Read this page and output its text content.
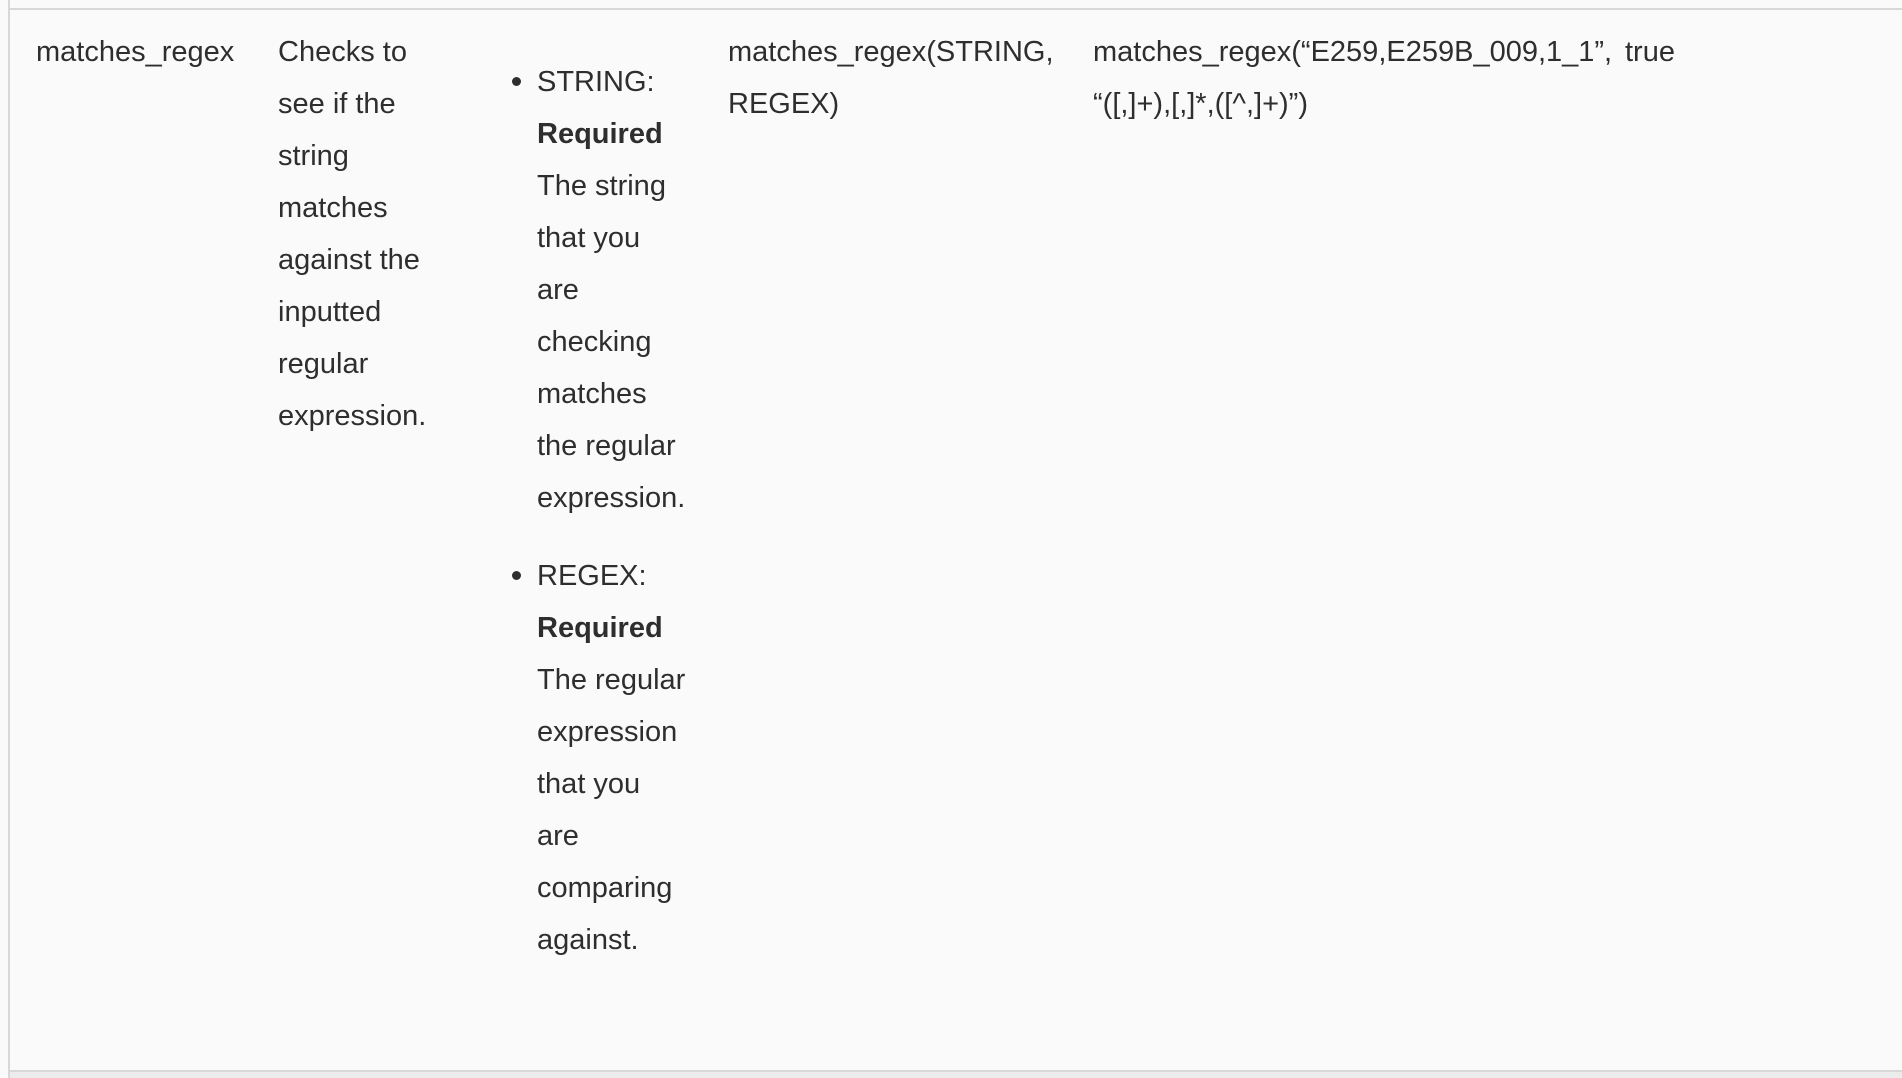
matches_regex	Checks to see if the string matches against the inputted regular expression.
STRING: Required The string that you are checking matches the regular expression.
REGEX: Required The regular expression that you are comparing against.
matches_regex(STRING, REGEX)
matches_regex(“E259,E259B_009,1_1”, “([,]+),[,]*,([^,]+)”)
true
